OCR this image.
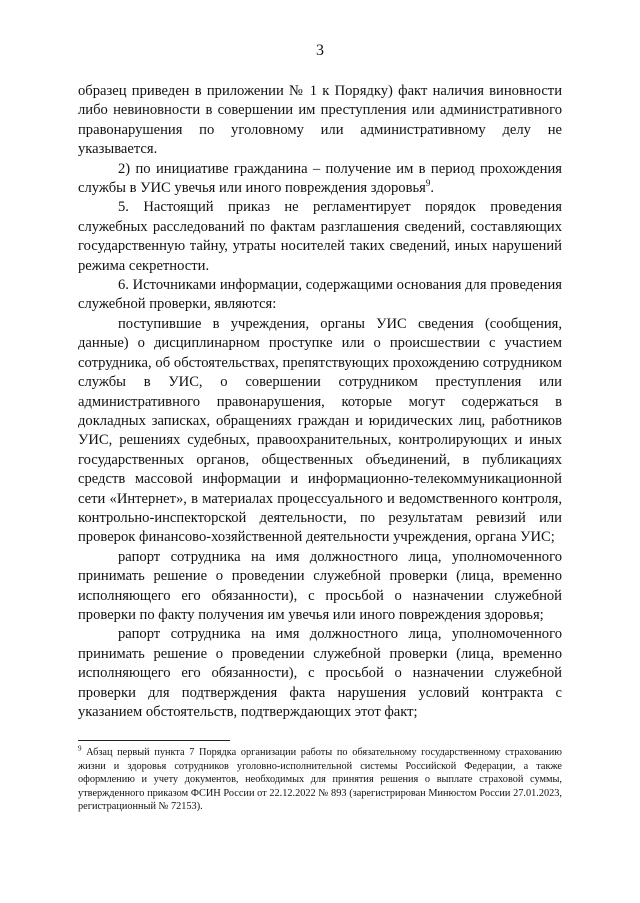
3

образец приведен в приложении № 1 к Порядку) факт наличия виновности либо невиновности в совершении им преступления или административного правонарушения по уголовному или административному делу не указывается.

2) по инициативе гражданина – получение им в период прохождения службы в УИС увечья или иного повреждения здоровья$^9$.

5. Настоящий приказ не регламентирует порядок проведения служебных расследований по фактам разглашения сведений, составляющих государственную тайну, утраты носителей таких сведений, иных нарушений режима секретности.

6. Источниками информации, содержащими основания для проведения служебной проверки, являются:

поступившие в учреждения, органы УИС сведения (сообщения, данные) о дисциплинарном проступке или о происшествии с участием сотрудника, об обстоятельствах, препятствующих прохождению сотрудником службы в УИС, о совершении сотрудником преступления или административного правонарушения, которые могут содержаться в докладных записках, обращениях граждан и юридических лиц, работников УИС, решениях судебных, правоохранительных, контролирующих и иных государственных органов, общественных объединений, в публикациях средств массовой информации и информационно-телекоммуникационной сети «Интернет», в материалах процессуального и ведомственного контроля, контрольно-инспекторской деятельности, по результатам ревизий или проверок финансово-хозяйственной деятельности учреждения, органа УИС;

рапорт сотрудника на имя должностного лица, уполномоченного принимать решение о проведении служебной проверки (лица, временно исполняющего его обязанности), с просьбой о назначении служебной проверки по факту получения им увечья или иного повреждения здоровья;

рапорт сотрудника на имя должностного лица, уполномоченного принимать решение о проведении служебной проверки (лица, временно исполняющего его обязанности), с просьбой о назначении служебной проверки для подтверждения факта нарушения условий контракта с указанием обстоятельств, подтверждающих этот факт;

$^9$ Абзац первый пункта 7 Порядка организации работы по обязательному государственному страхованию жизни и здоровья сотрудников уголовно-исполнительной системы Российской Федерации, а также оформлению и учету документов, необходимых для принятия решения о выплате страховой суммы, утвержденного приказом ФСИН России от 22.12.2022 № 893 (зарегистрирован Минюстом России 27.01.2023, регистрационный № 72153).
